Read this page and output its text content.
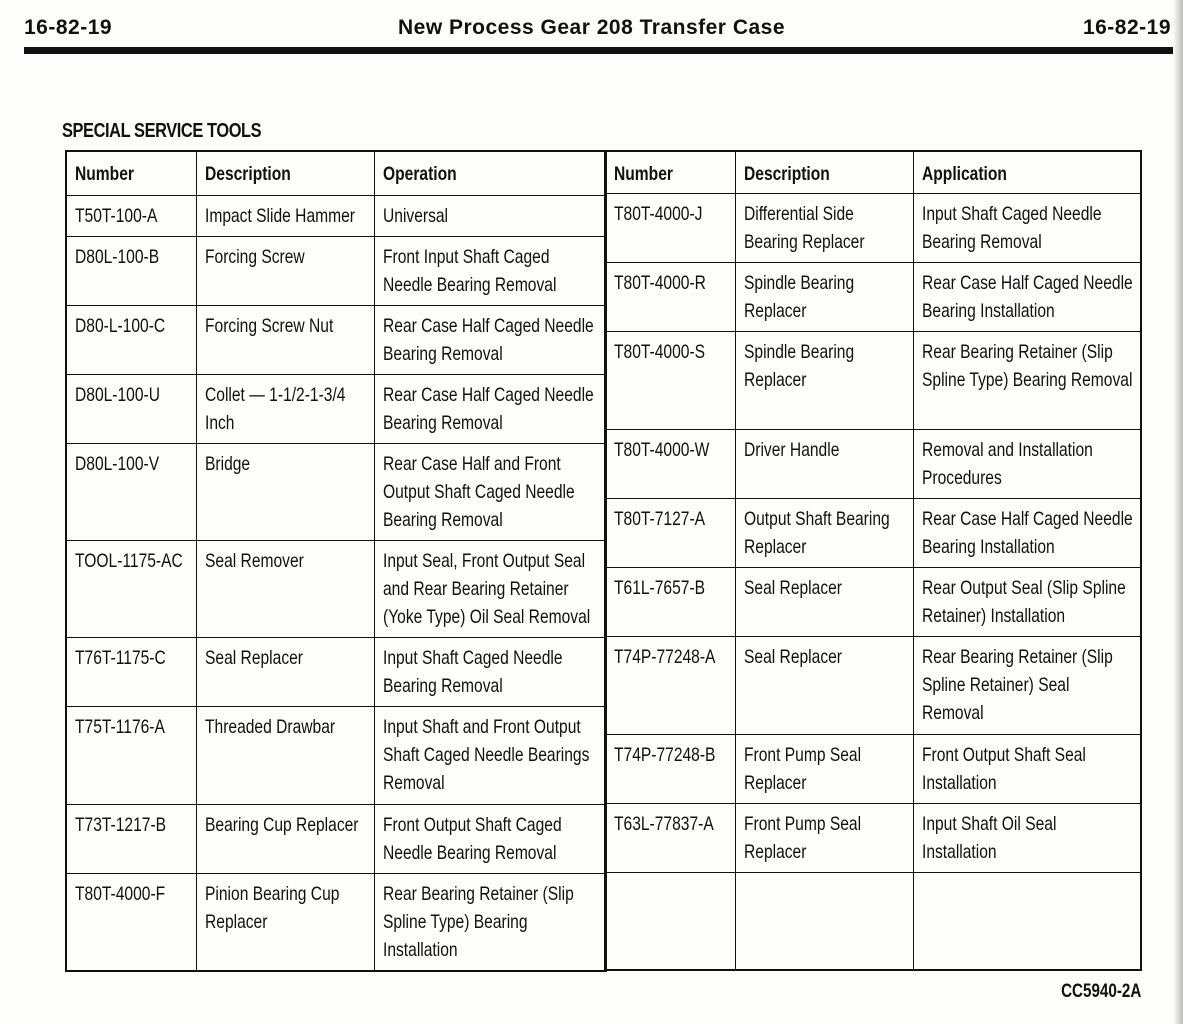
16-82-19	New Process Gear 208 Transfer Case	16-82-19
SPECIAL SERVICE TOOLS
Number	Description	Operation
T50T-100-A	Impact Slide Hammer	Universal
D80L-100-B	Forcing Screw	Front Input Shaft Caged Needle Bearing Removal
D80-L-100-C	Forcing Screw Nut	Rear Case Half Caged Needle Bearing Removal
D80L-100-U	Collet — 1-1/2-1-3/4 Inch	Rear Case Half Caged Needle Bearing Removal
D80L-100-V	Bridge	Rear Case Half and Front Output Shaft Caged Needle Bearing Removal
TOOL-1175-AC	Seal Remover	Input Seal, Front Output Seal and Rear Bearing Retainer (Yoke Type) Oil Seal Removal
T76T-1175-C	Seal Replacer	Input Shaft Caged Needle Bearing Removal
T75T-1176-A	Threaded Drawbar	Input Shaft and Front Output Shaft Caged Needle Bearings Removal
T73T-1217-B	Bearing Cup Replacer	Front Output Shaft Caged Needle Bearing Removal
T80T-4000-F	Pinion Bearing Cup Replacer	Rear Bearing Retainer (Slip Spline Type) Bearing Installation
Number	Description	Application
T80T-4000-J	Differential Side Bearing Replacer	Input Shaft Caged Needle Bearing Removal
T80T-4000-R	Spindle Bearing Replacer	Rear Case Half Caged Needle Bearing Installation
T80T-4000-S	Spindle Bearing Replacer	Rear Bearing Retainer (Slip Spline Type) Bearing Removal
T80T-4000-W	Driver Handle	Removal and Installation Procedures
T80T-7127-A	Output Shaft Bearing Replacer	Rear Case Half Caged Needle Bearing Installation
T61L-7657-B	Seal Replacer	Rear Output Seal (Slip Spline Retainer) Installation
T74P-77248-A	Seal Replacer	Rear Bearing Retainer (Slip Spline Retainer) Seal Removal
T74P-77248-B	Front Pump Seal Replacer	Front Output Shaft Seal Installation
T63L-77837-A	Front Pump Seal Replacer	Input Shaft Oil Seal Installation

CC5940-2A
